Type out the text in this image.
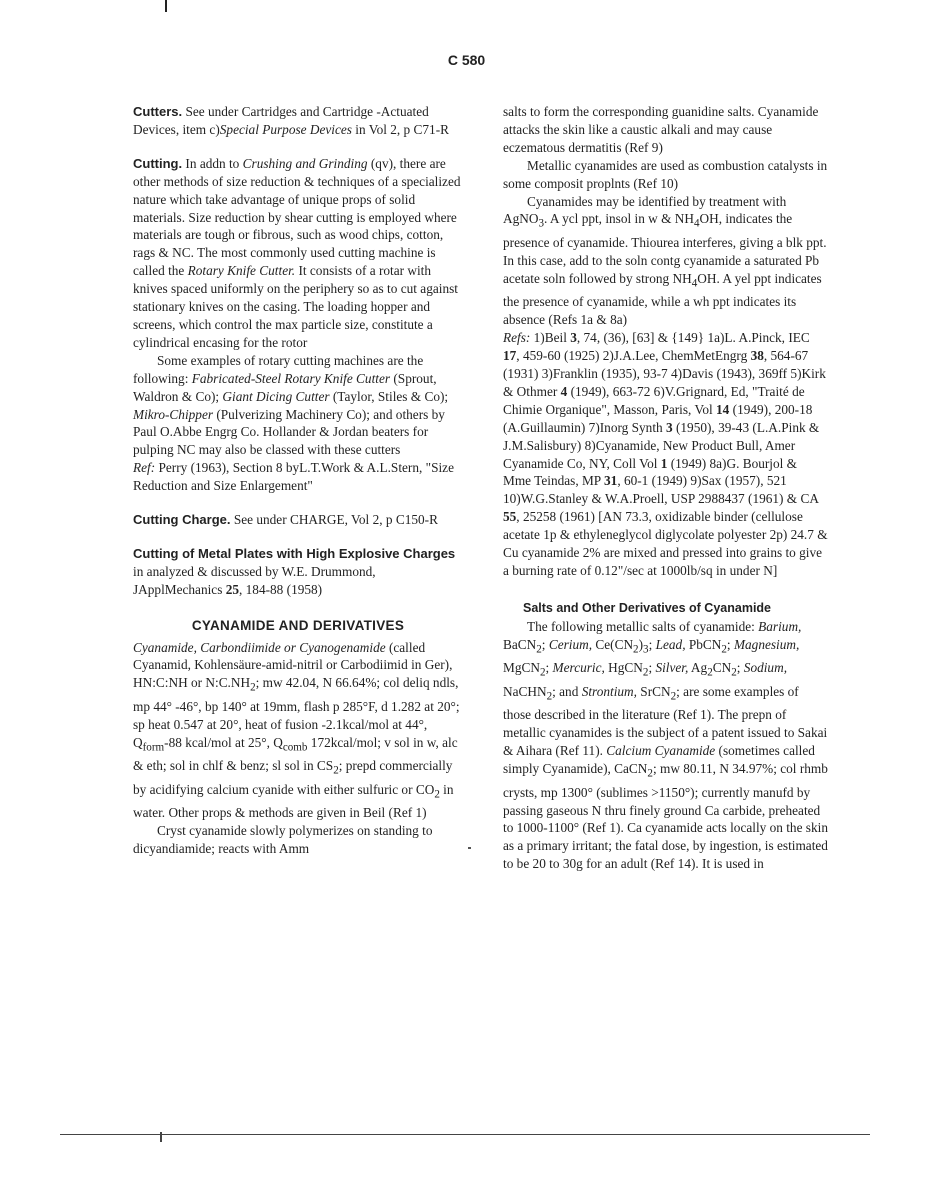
C 580

Cutters. See under Cartridges and Cartridge -Actuated Devices, item c)Special Purpose Devices in Vol 2, p C71-R

Cutting. In addn to Crushing and Grinding (qv), there are other methods of size reduction & techniques of a specialized nature which take advantage of unique props of solid materials. Size reduction by shear cutting is employed where materials are tough or fibrous, such as wood chips, cotton, rags & NC. The most commonly used cutting machine is called the Rotary Knife Cutter. It consists of a rotar with knives spaced uniformly on the periphery so as to cut against stationary knives on the casing. The loading hopper and screens, which control the max particle size, constitute a cylindrical encasing for the rotor

Some examples of rotary cutting machines are the following: Fabricated-Steel Rotary Knife Cutter (Sprout, Waldron & Co); Giant Dicing Cutter (Taylor, Stiles & Co); Mikro-Chipper (Pulverizing Machinery Co); and others by Paul O.Abbe Engrg Co. Hollander & Jordan beaters for pulping NC may also be classed with these cutters

Ref: Perry (1963), Section 8 byL.T.Work & A.L.Stern, "Size Reduction and Size Enlargement"

Cutting Charge. See under CHARGE, Vol 2, p C150-R

Cutting of Metal Plates with High Explosive Charges in analyzed & discussed by W.E. Drummond, JApplMechanics 25, 184-88 (1958)

CYANAMIDE AND DERIVATIVES

Cyanamide, Carbondiimide or Cyanogenamide (called Cyanamid, Kohlensäure-amid-nitril or Carbodiimid in Ger), HN:C:NH or $N:C.NH_2$; mw 42.04, N 66.64%; col deliq ndls, mp 44° -46°, bp 140° at 19mm, flash p 285°F, d 1.282 at 20°; sp heat 0.547 at 20°, heat of fusion -2.1kcal/mol at 44°, $Q_{form}-88$ kcal/mol at 25°, $Q_{comb}$ 172kcal/mol; v sol in w, alc & eth; sol in chlf & benz; sl sol in $CS_2$; prepd commercially by acidifying calcium cyanide with either sulfuric or $CO_2$ in water. Other props & methods are given in Beil (Ref 1)

Cryst cyanamide slowly polymerizes on standing to dicyandiamide; reacts with Amm

salts to form the corresponding guanidine salts. Cyanamide attacks the skin like a caustic alkali and may cause eczematous dermatitis (Ref 9)

Metallic cyanamides are used as combustion catalysts in some composit proplnts (Ref 10)

Cyanamides may be identified by treatment with AgNO$_3$. A ycl ppt, insol in w & $NH_4OH$, indicates the presence of cyanamide. Thiourea interferes, giving a blk ppt. In this case, add to the soln contg cyanamide a saturated Pb acetate soln followed by strong $NH_4OH$. A yel ppt indicates the presence of cyanamide, while a wh ppt indicates its absence (Refs 1a & 8a)

Refs: 1)Beil 3, 74, (36), [63] & {149} 1a)L. A.Pinck, IEC 17, 459-60 (1925) 2)J.A.Lee, ChemMetEngrg 38, 564-67 (1931) 3)Franklin (1935), 93-7 4)Davis (1943), 369ff 5)Kirk & Othmer 4 (1949), 663-72 6)V.Grignard, Ed, "Traité de Chimie Organique", Masson, Paris, Vol 14 (1949), 200-18 (A.Guillaumin) 7)Inorg Synth 3 (1950), 39-43 (L.A.Pink & J.M.Salisbury) 8)Cyanamide, New Product Bull, Amer Cyanamide Co, NY, Coll Vol 1 (1949) 8a)G. Bourjol & Mme Teindas, MP 31, 60-1 (1949) 9)Sax (1957), 521 10)W.G.Stanley & W.A.Proell, USP 2988437 (1961) & CA 55, 25258 (1961) [AN 73.3, oxidizable binder (cellulose acetate 1p & ethyleneglycol diglycolate polyester 2p) 24.7 & Cu cyanamide 2% are mixed and pressed into grains to give a burning rate of 0.12"/sec at 1000lb/sq in under N]

Salts and Other Derivatives of Cyanamide

The following metallic salts of cyanamide: Barium, BaCN$_2$; Cerium, $Ce(CN_2)_3$; Lead, PbCN$_2$; Magnesium, MgCN$_2$; Mercuric, HgCN$_2$; Silver, $Ag_2CN_2$; Sodium, NaCHN$_2$; and Strontium, SrCN$_2$; are some examples of those described in the literature (Ref 1). The prepn of metallic cyanamides is the subject of a patent issued to Sakai & Aihara (Ref 11). Calcium Cyanamide (sometimes called simply Cyanamide), CaCN$_2$; mw 80.11, N 34.97%; col rhmb crysts, mp 1300° (sublimes >1150°); currently manufd by passing gaseous N thru finely ground Ca carbide, preheated to 1000-1100° (Ref 1). Ca cyanamide acts locally on the skin as a primary irritant; the fatal dose, by ingestion, is estimated to be 20 to 30g for an adult (Ref 14). It is used in
